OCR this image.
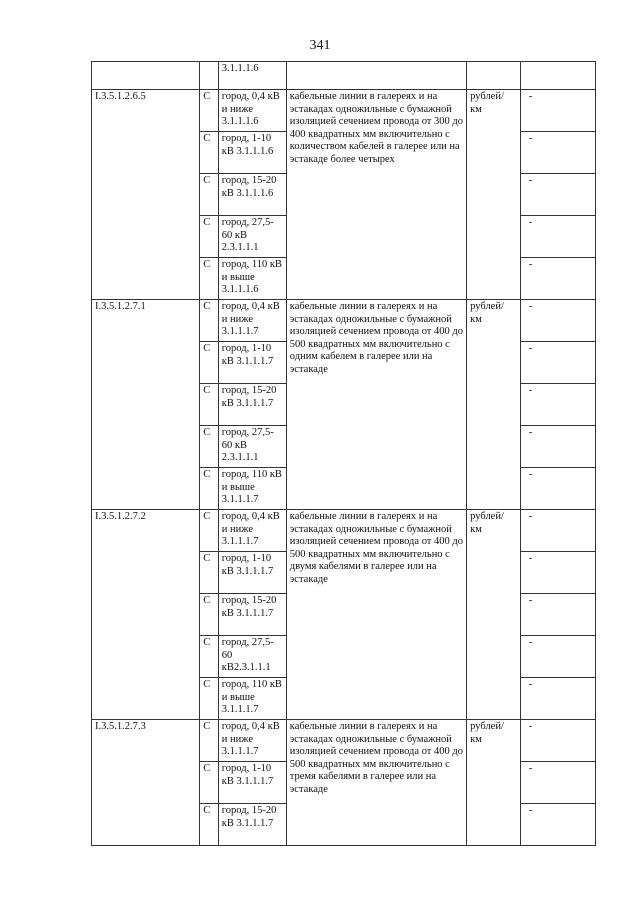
341
		3.1.1.1.6			
I.3.5.1.2.6.5	С	город, 0,4 кВ и ниже 3.1.1.1.6	кабельные линии в галереях и на эстакадах одножильные с бумажной изоляцией сечением провода от 300 до 400 квадратных мм включительно с количеством кабелей в галерее или на эстакаде более четырех	рублей/ км	-
	С	город, 1-10 кВ 3.1.1.1.6			-
	С	город, 15-20 кВ 3.1.1.1.6			-
	С	город, 27,5-60 кВ 2.3.1.1.1			-
	С	город, 110 кВ и выше 3.1.1.1.6			-
I.3.5.1.2.7.1	С	город, 0,4 кВ и ниже 3.1.1.1.7	кабельные линии в галереях и на эстакадах одножильные с бумажной изоляцией сечением провода от 400 до 500 квадратных мм включительно с одним кабелем в галерее или на эстакаде	рублей/ км	-
	С	город, 1-10 кВ 3.1.1.1.7			-
	С	город, 15-20 кВ 3.1.1.1.7			-
	С	город, 27,5-60 кВ 2.3.1.1.1			-
	С	город, 110 кВ и выше 3.1.1.1.7			-
I.3.5.1.2.7.2	С	город, 0,4 кВ и ниже 3.1.1.1.7	кабельные линии в галереях и на эстакадах одножильные с бумажной изоляцией сечением провода от 400 до 500 квадратных мм включительно с двумя кабелями в галерее или на эстакаде	рублей/ км	-
	С	город, 1-10 кВ 3.1.1.1.7			-
	С	город, 15-20 кВ 3.1.1.1.7			-
	С	город, 27,5-60 кВ2.3.1.1.1			-
	С	город, 110 кВ и выше 3.1.1.1.7			-
I.3.5.1.2.7.3	С	город, 0,4 кВ и ниже 3.1.1.1.7	кабельные линии в галереях и на эстакадах одножильные с бумажной изоляцией сечением провода от 400 до 500 квадратных мм включительно с тремя кабелями в галерее или на эстакаде	рублей/ км	-
	С	город, 1-10 кВ 3.1.1.1.7			-
	С	город, 15-20 кВ 3.1.1.1.7			-
